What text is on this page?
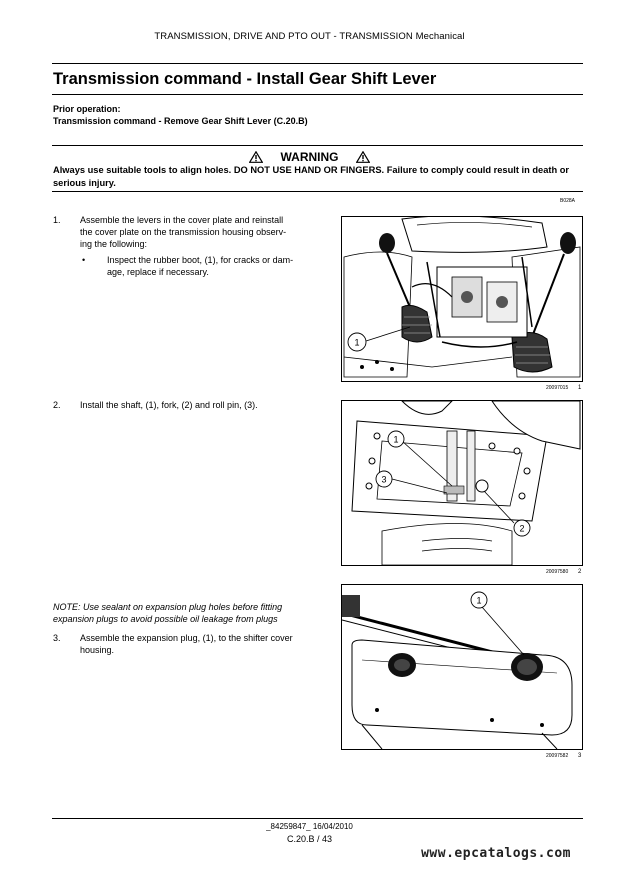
TRANSMISSION, DRIVE AND PTO OUT - TRANSMISSION Mechanical
Transmission command - Install Gear Shift Lever
Prior operation:
Transmission command - Remove Gear Shift Lever (C.20.B)
WARNING
Always use suitable tools to align holes. DO NOT USE HAND OR FINGERS. Failure to comply could result in death or serious injury.
B028A
1. Assemble the levers in the cover plate and reinstall
the cover plate on the transmission housing observ-
ing the following:
• Inspect the rubber boot, (1), for cracks or dam-
age, replace if necessary.
1
20097015 1
2. Install the shaft, (1), fork, (2) and roll pin, (3).
1
3
2
20097580 2
NOTE: Use sealant on expansion plug holes before fitting
expansion plugs to avoid possible oil leakage from plugs
3. Assemble the expansion plug, (1), to the shifter cover
housing.
1
20097582 3
_84259847_ 16/04/2010
C.20.B / 43
www.epcatalogs.com
